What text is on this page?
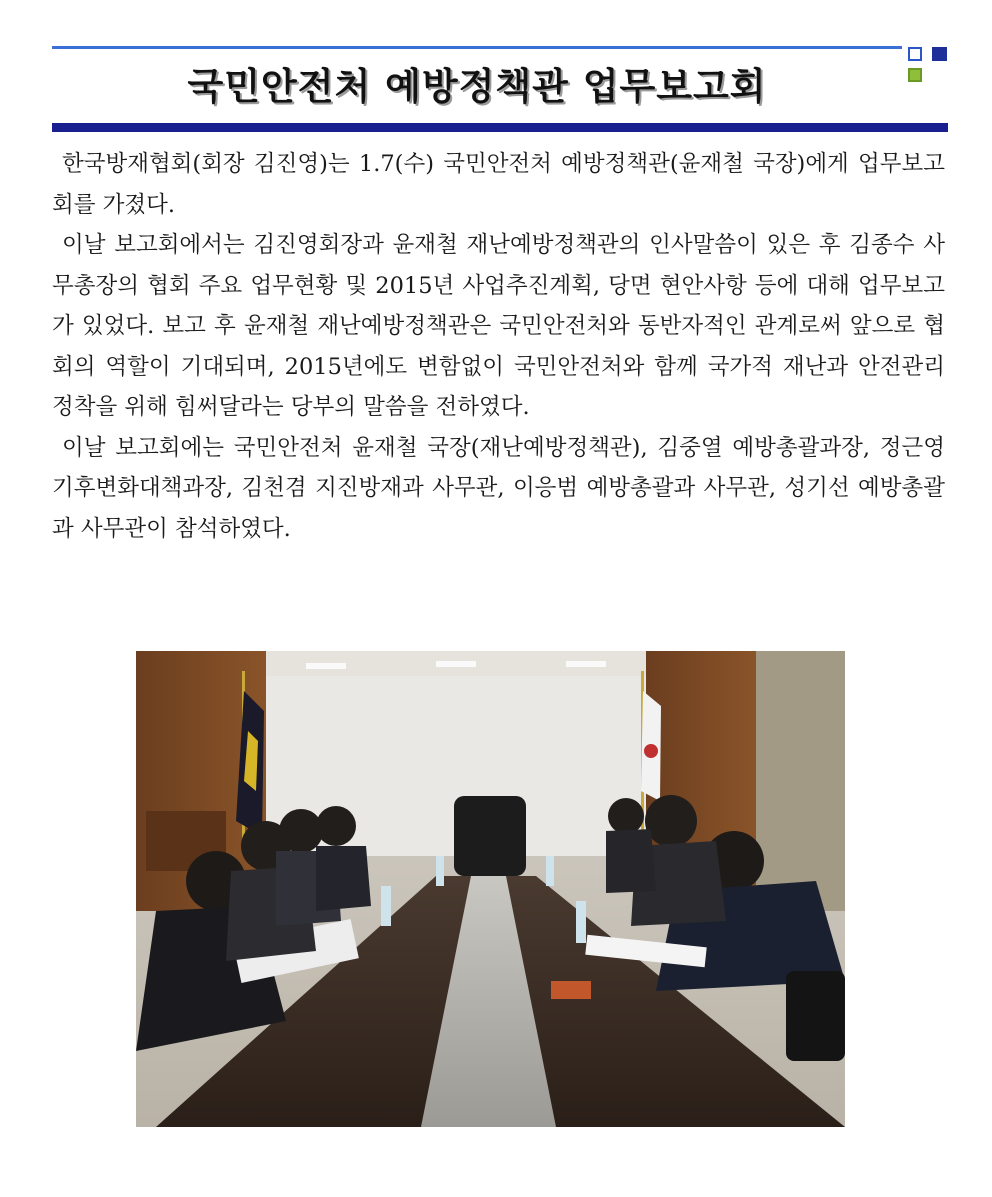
국민안전처 예방정책관 업무보고회

한국방재협회(회장 김진영)는 1.7(수) 국민안전처 예방정책관(윤재철 국장)에게 업무보고회를 가졌다.

이날 보고회에서는 김진영회장과 윤재철 재난예방정책관의 인사말씀이 있은 후 김종수 사무총장의 협회 주요 업무현황 및 2015년 사업추진계획, 당면 현안사항 등에 대해 업무보고가 있었다. 보고 후 윤재철 재난예방정책관은 국민안전처와 동반자적인 관계로써 앞으로 협회의 역할이 기대되며, 2015년에도 변함없이 국민안전처와 함께 국가적 재난과 안전관리 정착을 위해 힘써달라는 당부의 말씀을 전하였다.

이날 보고회에는 국민안전처 윤재철 국장(재난예방정책관), 김중열 예방총괄과장, 정근영 기후변화대책과장, 김천겸 지진방재과 사무관, 이응범 예방총괄과 사무관, 성기선 예방총괄과 사무관이 참석하였다.
